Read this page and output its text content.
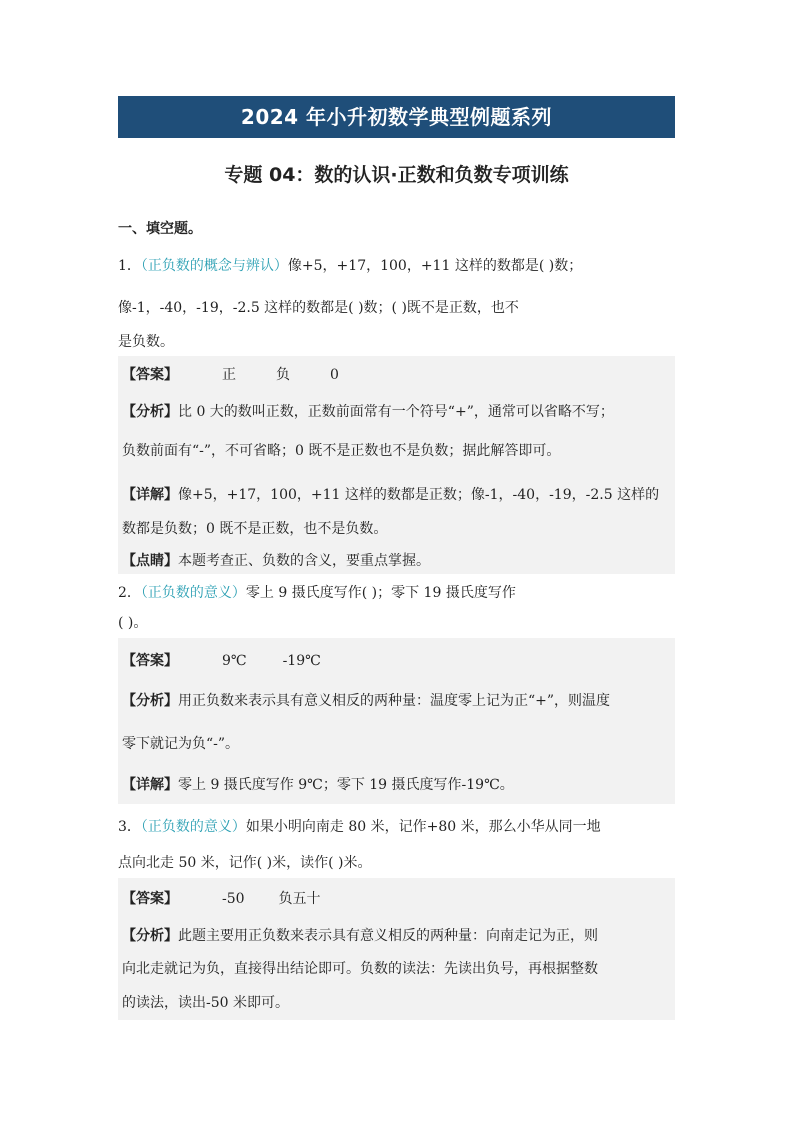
2024 年小升初数学典型例题系列
专题 04：数的认识·正数和负数专项训练
一、填空题。
1．（正负数的概念与辨认）像+5，+17，100，+11 这样的数都是( )数；
像-1，-40，-19，-2.5 这样的数都是( )数；( )既不是正数，也不
是负数。
【答案】	正	负	0
【分析】比 0 大的数叫正数，正数前面常有一个符号“+”，通常可以省略不写；
负数前面有“-”，不可省略；0 既不是正数也不是负数；据此解答即可。
【详解】像+5，+17，100，+11 这样的数都是正数；像-1，-40，-19，-2.5 这样的
数都是负数；0 既不是正数，也不是负数。
【点睛】本题考查正、负数的含义，要重点掌握。
2．（正负数的意义）零上 9 摄氏度写作( )；零下 19 摄氏度写作
( )。
【答案】	9℃	-19℃
【分析】用正负数来表示具有意义相反的两种量：温度零上记为正“+”，则温度
零下就记为负“-”。
【详解】零上 9 摄氏度写作 9℃；零下 19 摄氏度写作-19℃。
3．（正负数的意义）如果小明向南走 80 米，记作+80 米，那么小华从同一地
点向北走 50 米，记作( )米，读作( )米。
【答案】	-50 负五十
【分析】此题主要用正负数来表示具有意义相反的两种量：向南走记为正，则
向北走就记为负，直接得出结论即可。负数的读法：先读出负号，再根据整数
的读法，读出-50 米即可。
